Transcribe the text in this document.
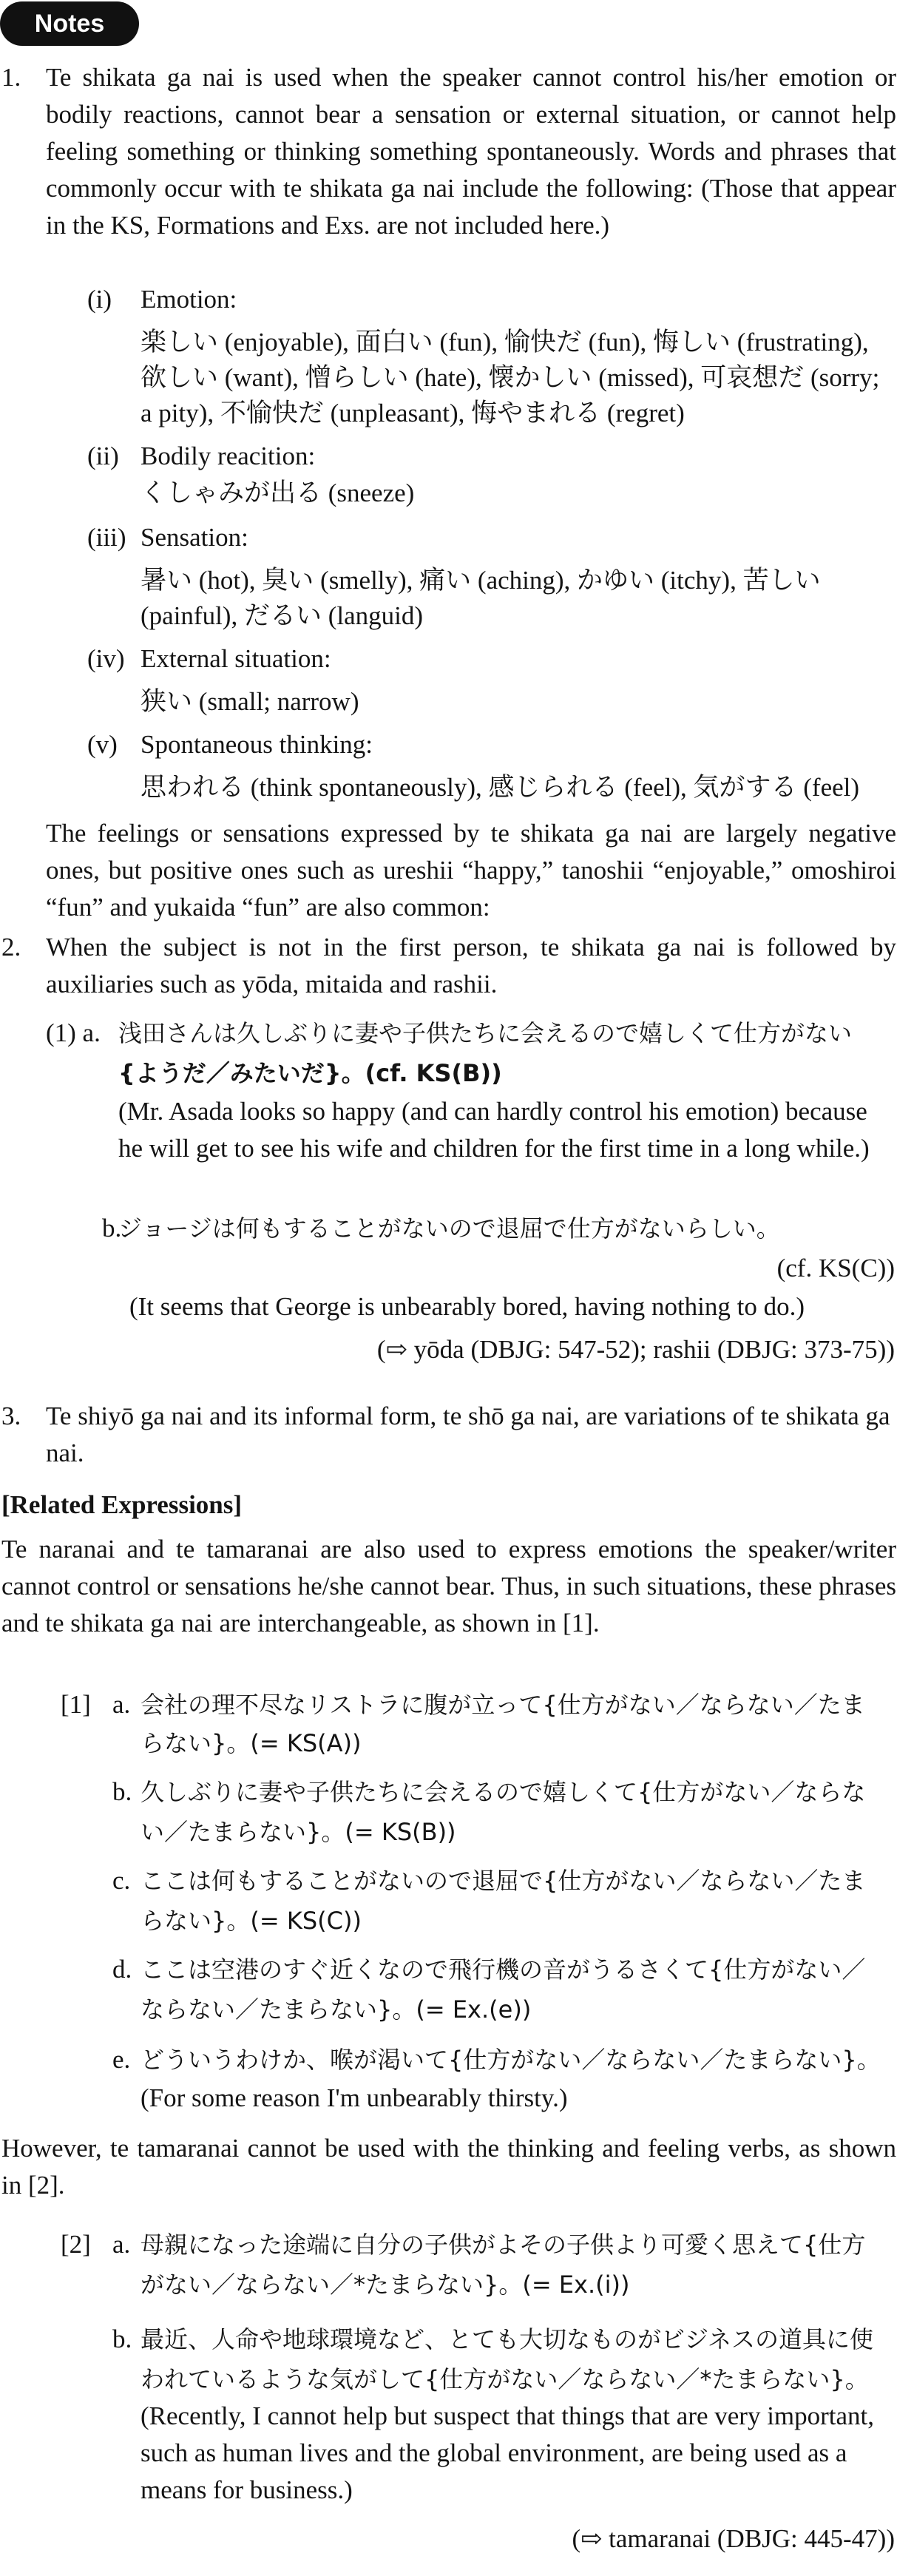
Notes
1. Te shikata ga nai is used when the speaker cannot control his/her emotion or bodily reactions, cannot bear a sensation or external situation, or cannot help feeling something or thinking something spontaneously. Words and phrases that commonly occur with te shikata ga nai include the following: (Those that appear in the KS, Formations and Exs. are not included here.)

(i) Emotion:
楽しい (enjoyable), 面白い (fun), 愉快だ (fun), 悔しい (frustrating),
欲しい (want), 憎らしい (hate), 懐かしい (missed), 可哀想だ (sorry;
a pity), 不愉快だ (unpleasant), 悔やまれる (regret)
(ii) Bodily reacition:
くしゃみが出る (sneeze)
(iii) Sensation:
暑い (hot), 臭い (smelly), 痛い (aching), かゆい (itchy), 苦しい
(painful), だるい (languid)
(iv) External situation:
狭い (small; narrow)
(v) Spontaneous thinking:
思われる (think spontaneously), 感じられる (feel), 気がする (feel)

The feelings or sensations expressed by te shikata ga nai are largely negative ones, but positive ones such as ureshii “happy,” tanoshii “enjoyable,” omoshiroi “fun” and yukaida “fun” are also common:

2. When the subject is not in the first person, te shikata ga nai is followed by auxiliaries such as yōda, mitaida and rashii.

(1) a. 浅田さんは久しぶりに妻や子供たちに会えるので嬉しくて仕方がない
{ようだ／みたいだ}。(cf. KS(B))

(Mr. Asada looks so happy (and can hardly control his emotion) because he will get to see his wife and children for the first time in a long while.)

b.
ジョージは何もすることがないので退屈で仕方がないらしい。
(cf. KS(C))
(It seems that George is unbearably bored, having nothing to do.)
(⇨ yōda (DBJG: 547-52); rashii (DBJG: 373-75))
3. Te shiyō ga nai and its informal form, te shō ga nai, are variations of te shikata ga nai.

[Related Expressions]

Te naranai and te tamaranai are also used to express emotions the speaker/writer cannot control or sensations he/she cannot bear. Thus, in such situations, these phrases and te shikata ga nai are interchangeable, as shown in [1].

[1] a. 会社の理不尽なリストラに腹が立って{仕方がない／ならない／たま
らない}。(= KS(A))
b. 久しぶりに妻や子供たちに会えるので嬉しくて{仕方がない／ならな
い／たまらない}。(= KS(B))
c. ここは何もすることがないので退屈で{仕方がない／ならない／たま
らない}。(= KS(C))
d. ここは空港のすぐ近くなので飛行機の音がうるさくて{仕方がない／
ならない／たまらない}。(= Ex.(e))
e. どういうわけか、喉が渇いて{仕方がない／ならない／たまらない}。
(For some reason I'm unbearably thirsty.)

However, te tamaranai cannot be used with the thinking and feeling verbs, as shown in [2].

[2] a. 母親になった途端に自分の子供がよその子供より可愛く思えて{仕方
がない／ならない／*たまらない}。(= Ex.(i))
b. 最近、人命や地球環境など、とても大切なものがビジネスの道具に使
われているような気がして{仕方がない／ならない／*たまらない}。

(Recently, I cannot help but suspect that things that are very important, such as human lives and the global environment, are being used as a means for business.)

(⇨ tamaranai (DBJG: 445-47))
